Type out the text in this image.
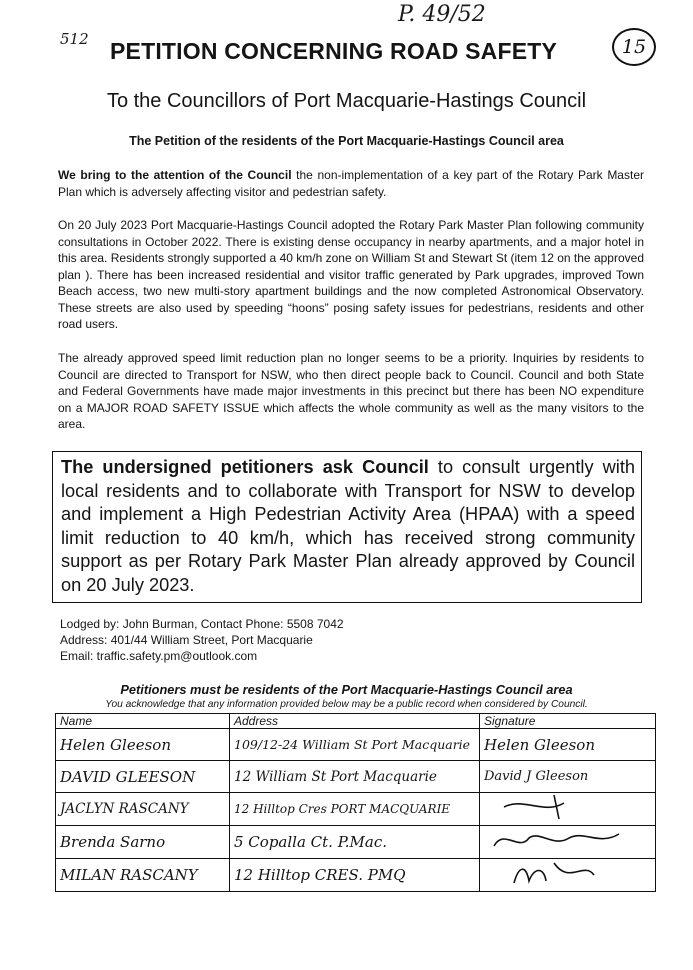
512
P. 49/52
15
PETITION CONCERNING ROAD SAFETY
To the Councillors of Port Macquarie-Hastings Council
The Petition of the residents of the Port Macquarie-Hastings Council area

We bring to the attention of the Council the non-implementation of a key part of the Rotary Park Master Plan which is adversely affecting visitor and pedestrian safety.

On 20 July 2023 Port Macquarie-Hastings Council adopted the Rotary Park Master Plan following community consultations in October 2022. There is existing dense occupancy in nearby apartments, and a major hotel in this area. Residents strongly supported a 40 km/h zone on William St and Stewart St (item 12 on the approved plan ). There has been increased residential and visitor traffic generated by Park upgrades, improved Town Beach access, two new multi-story apartment buildings and the now completed Astronomical Observatory. These streets are also used by speeding “hoons” posing safety issues for pedestrians, residents and other road users.

The already approved speed limit reduction plan no longer seems to be a priority. Inquiries by residents to Council are directed to Transport for NSW, who then direct people back to Council. Council and both State and Federal Governments have made major investments in this precinct but there has been NO expenditure on a MAJOR ROAD SAFETY ISSUE which affects the whole community as well as the many visitors to the area.

The undersigned petitioners ask Council to consult urgently with local residents and to collaborate with Transport for NSW to develop and implement a High Pedestrian Activity Area (HPAA) with a speed limit reduction to 40 km/h, which has received strong community support as per Rotary Park Master Plan already approved by Council on 20 July 2023.
Lodged by: John Burman, Contact Phone: 5508 7042
Address: 401/44 William Street, Port Macquarie
Email: traffic.safety.pm@outlook.com
Petitioners must be residents of the Port Macquarie-Hastings Council area
You acknowledge that any information provided below may be a public record when considered by Council.
Name	Address	Signature
Helen Gleeson	109/12-24 William St Port Macquarie	Helen Gleeson
DAVID GLEESON	12 William St Port Macquarie	David J Gleeson
JACLYN RASCANY	12 Hilltop Cres PORT MACQUARIE	
Brenda Sarno	5 Copalla Ct. P.Mac.	
MILAN RASCANY	12 Hilltop CRES. PMQ	
